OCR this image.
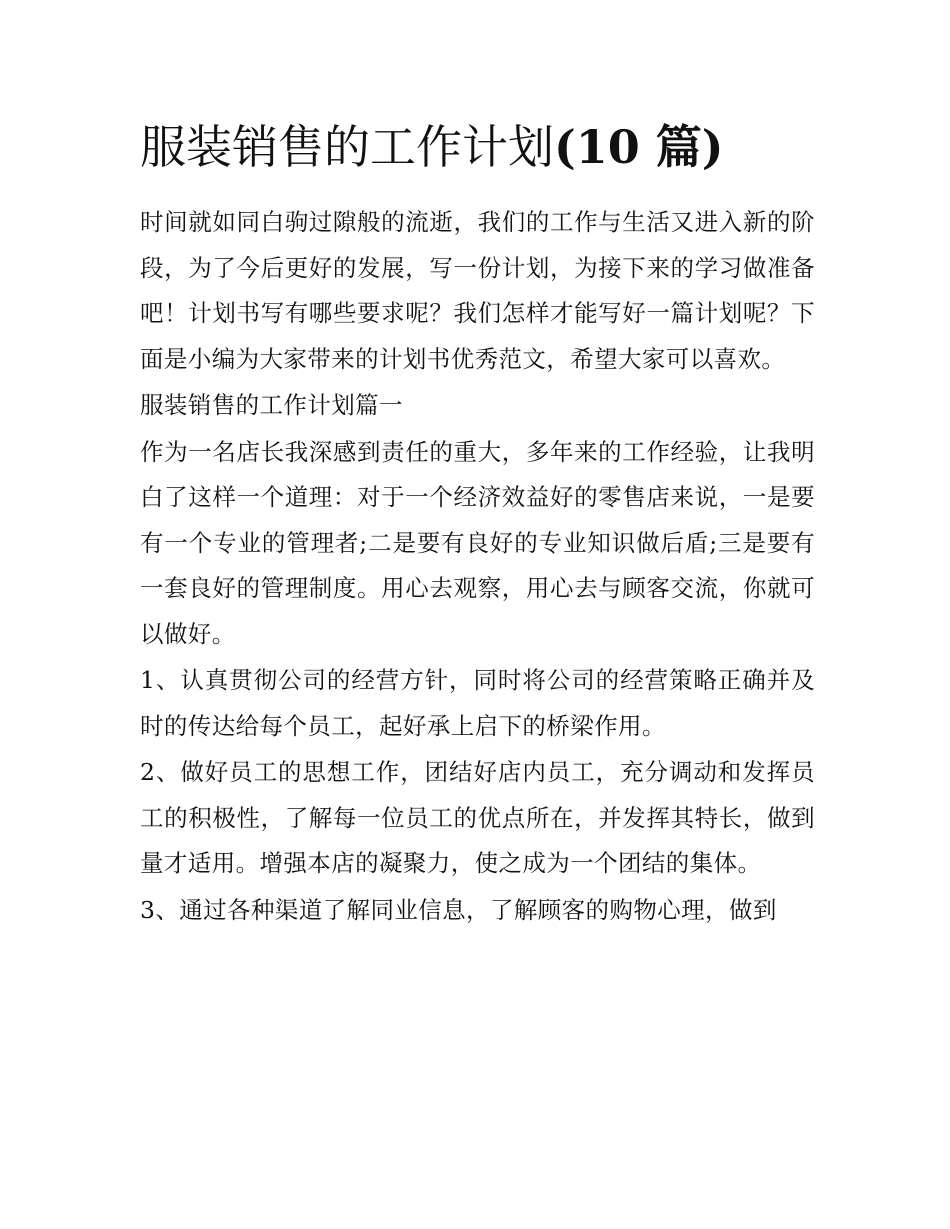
服装销售的工作计划(10 篇)

时间就如同白驹过隙般的流逝，我们的工作与生活又进入新的阶段，为了今后更好的发展，写一份计划，为接下来的学习做准备吧！计划书写有哪些要求呢？我们怎样才能写好一篇计划呢？下面是小编为大家带来的计划书优秀范文，希望大家可以喜欢。

服装销售的工作计划篇一

作为一名店长我深感到责任的重大，多年来的工作经验，让我明白了这样一个道理：对于一个经济效益好的零售店来说，一是要有一个专业的管理者;二是要有良好的专业知识做后盾;三是要有一套良好的管理制度。用心去观察，用心去与顾客交流，你就可以做好。

1、认真贯彻公司的经营方针，同时将公司的经营策略正确并及时的传达给每个员工，起好承上启下的桥梁作用。

2、做好员工的思想工作，团结好店内员工，充分调动和发挥员工的积极性，了解每一位员工的优点所在，并发挥其特长，做到量才适用。增强本店的凝聚力，使之成为一个团结的集体。

3、通过各种渠道了解同业信息，了解顾客的购物心理，做到
